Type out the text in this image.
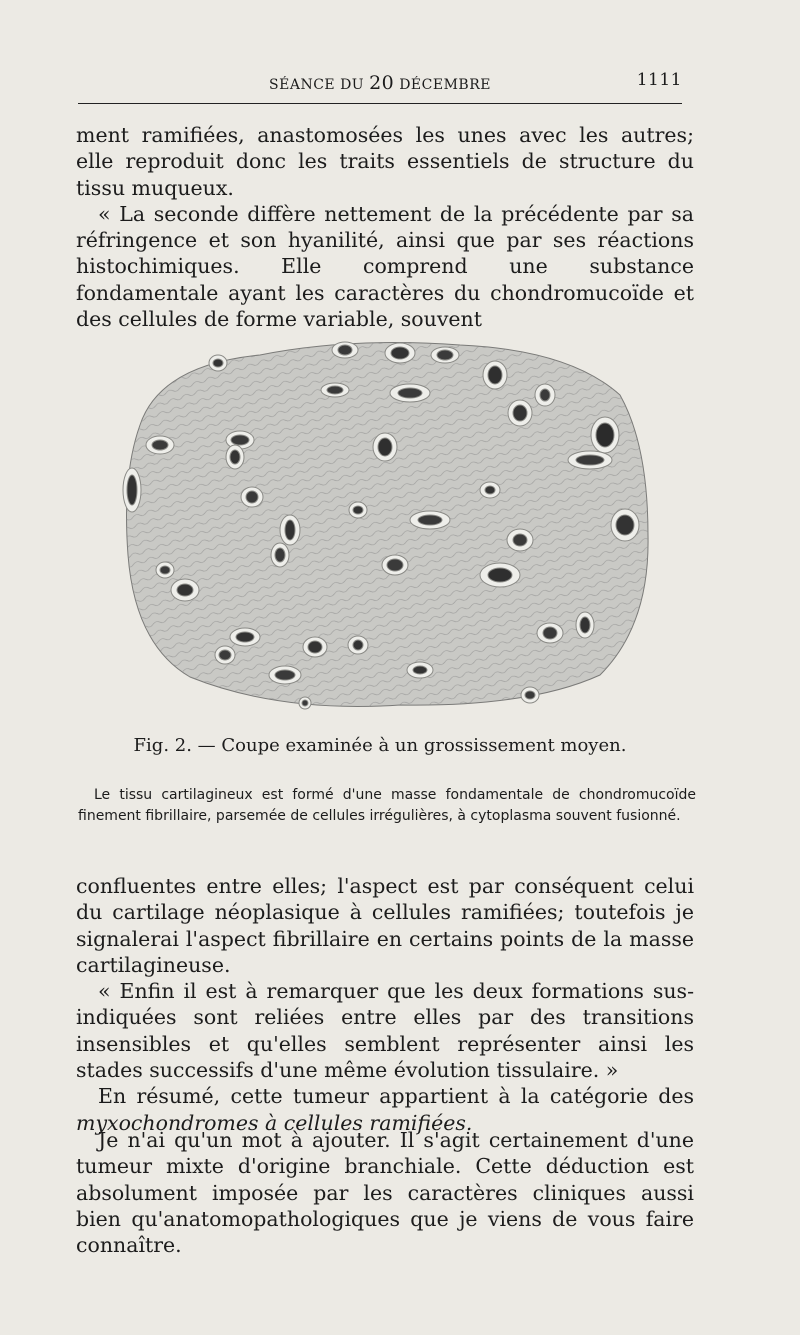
SÉANCE DU 20 DÉCEMBRE	1111

ment ramifiées, anastomosées les unes avec les autres; elle reproduit donc les traits essentiels de structure du tissu muqueux.

« La seconde diffère nettement de la précédente par sa réfringence et son hyanilité, ainsi que par ses réactions histochimiques. Elle comprend une substance fondamentale ayant les caractères du chondromucoïde et des cellules de forme variable, souvent

Fig. 2. — Coupe examinée à un grossissement moyen.

Le tissu cartilagineux est formé d'une masse fondamentale de chondromucoïde finement fibrillaire, parsemée de cellules irrégulières, à cytoplasma souvent fusionné.

confluentes entre elles; l'aspect est par conséquent celui du cartilage néoplasique à cellules ramifiées; toutefois je signalerai l'aspect fibrillaire en certains points de la masse cartilagineuse.

« Enfin il est à remarquer que les deux formations sus-indiquées sont reliées entre elles par des transitions insensibles et qu'elles semblent représenter ainsi les stades successifs d'une même évolution tissulaire. »

En résumé, cette tumeur appartient à la catégorie des myxochondromes à cellules ramifiées.

Je n'ai qu'un mot à ajouter. Il s'agit certainement d'une tumeur mixte d'origine branchiale. Cette déduction est absolument imposée par les caractères cliniques aussi bien qu'anatomopathologiques que je viens de vous faire connaître.
